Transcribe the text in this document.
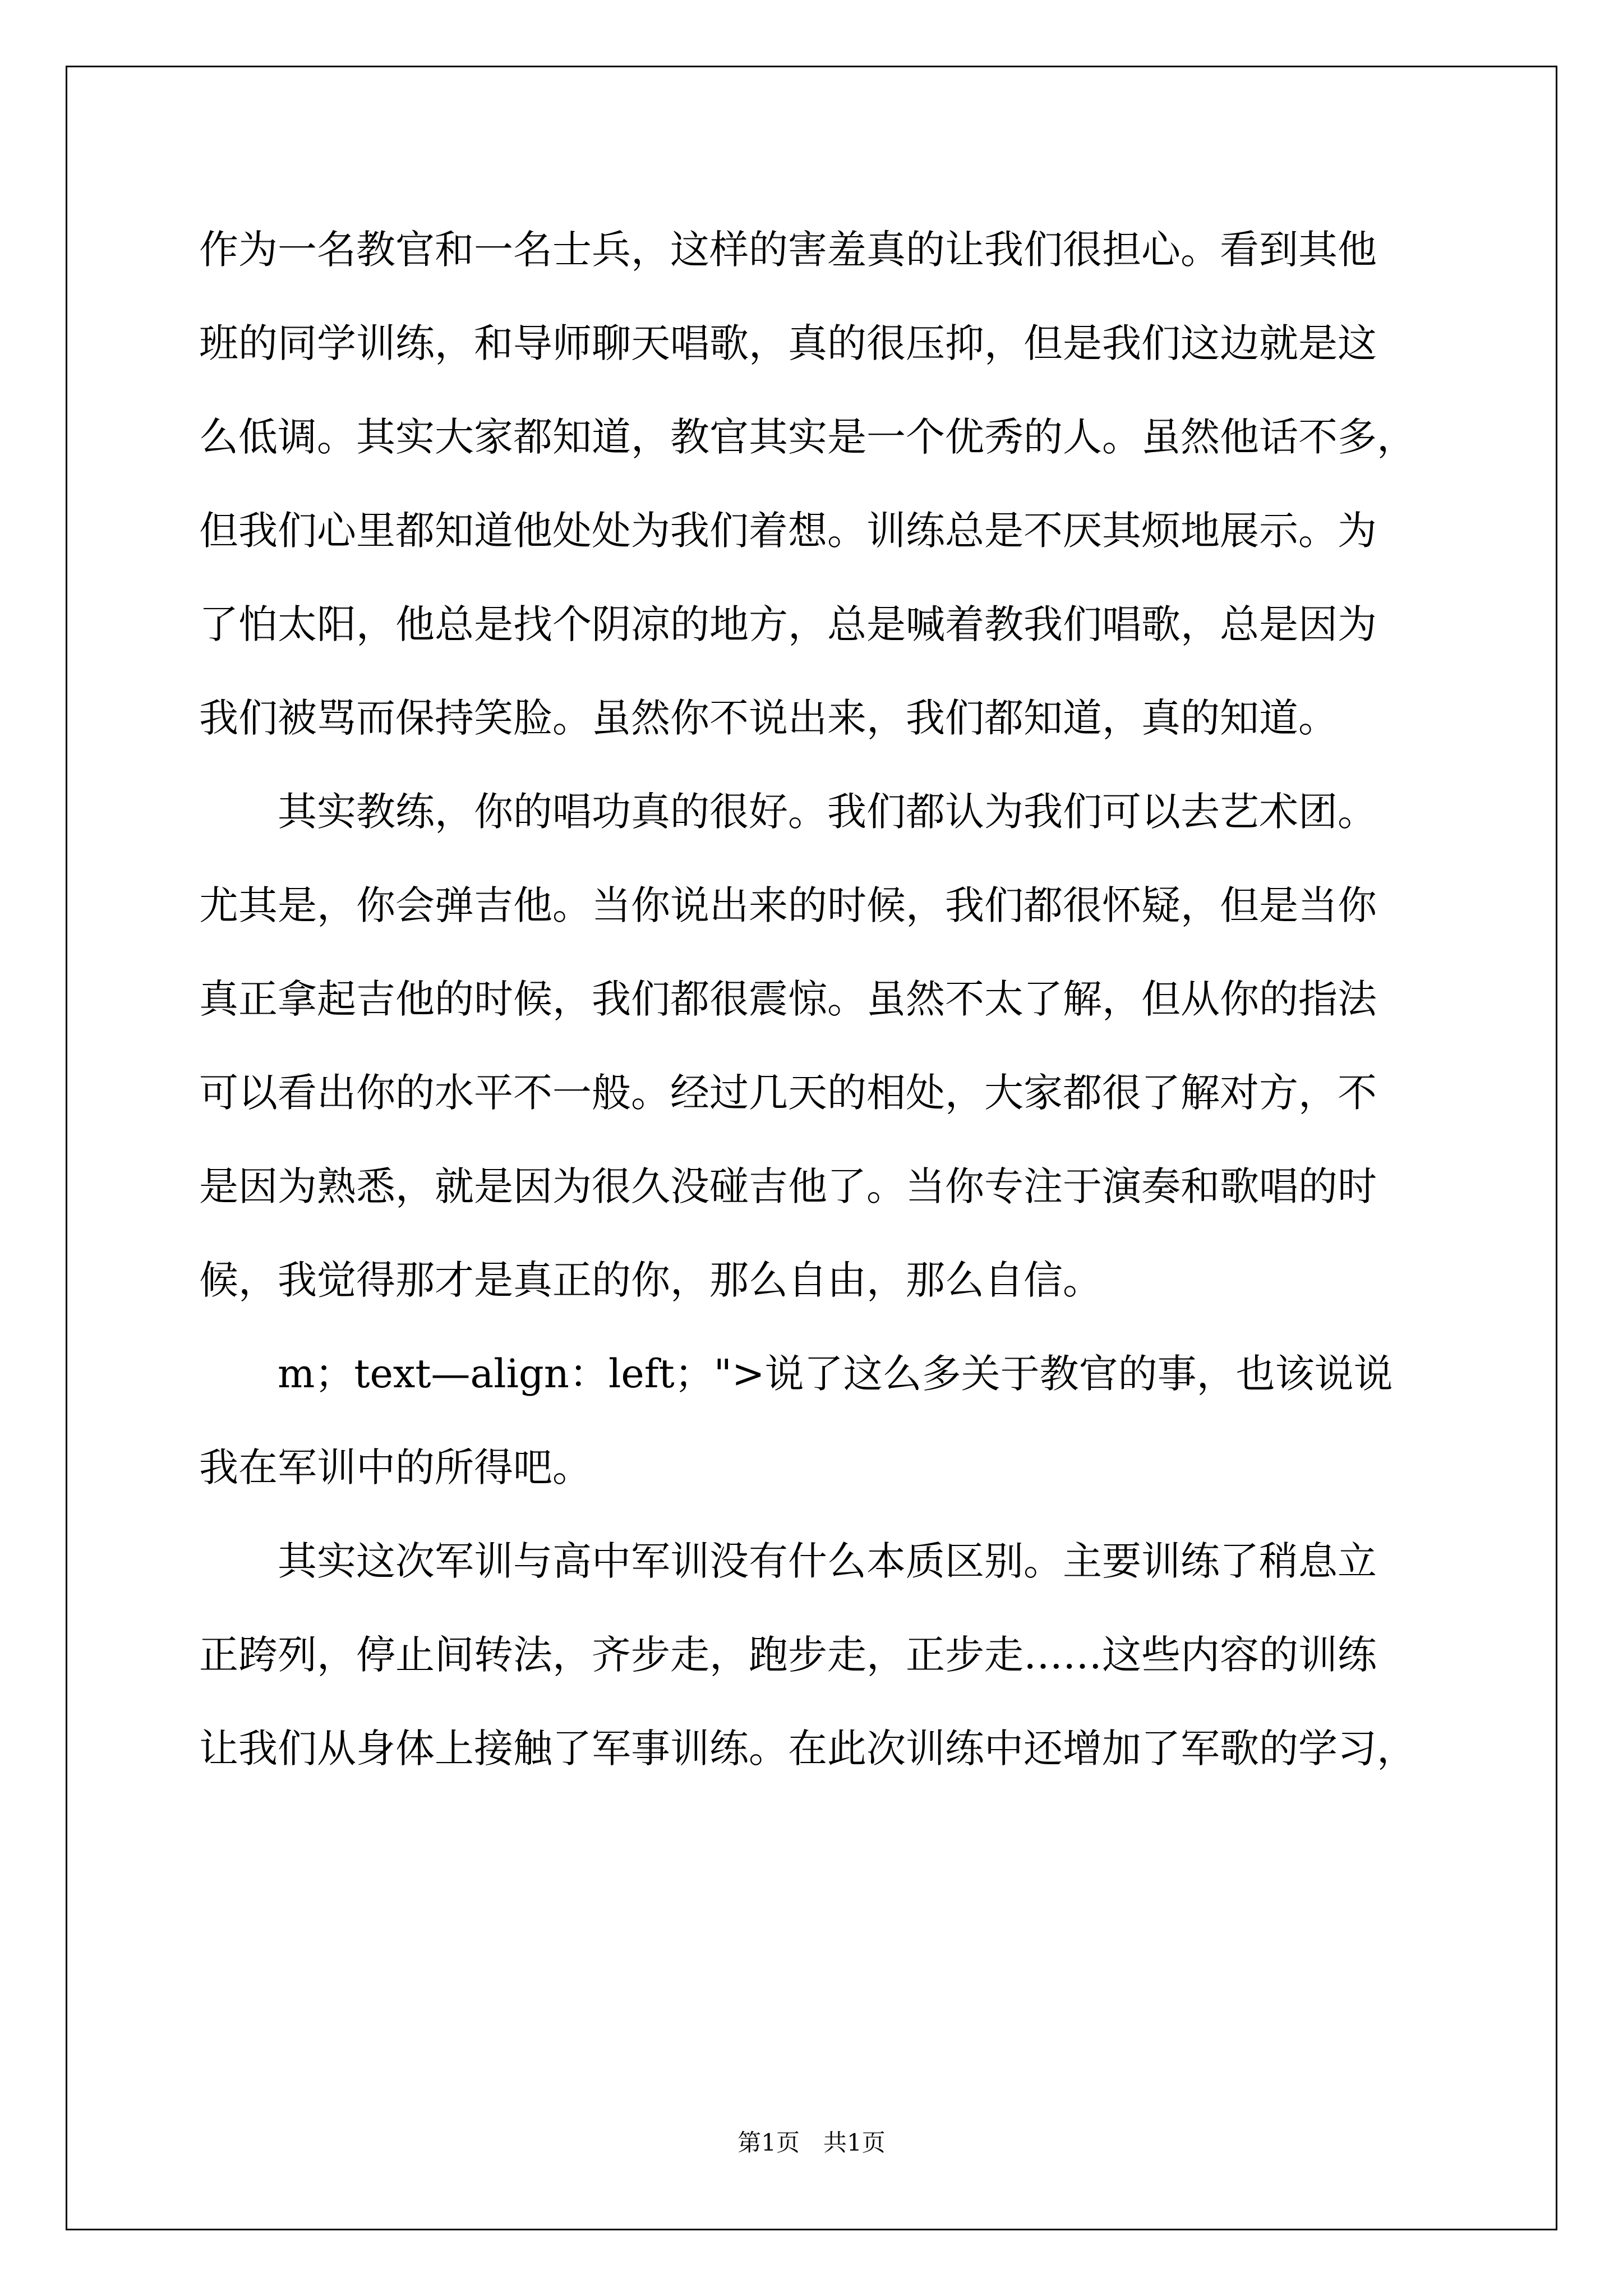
作为一名教官和一名士兵，这样的害羞真的让我们很担心。看到其他
班的同学训练，和导师聊天唱歌，真的很压抑，但是我们这边就是这
么低调。其实大家都知道，教官其实是一个优秀的人。虽然他话不多，
但我们心里都知道他处处为我们着想。训练总是不厌其烦地展示。为
了怕太阳，他总是找个阴凉的地方，总是喊着教我们唱歌，总是因为
我们被骂而保持笑脸。虽然你不说出来，我们都知道，真的知道。
　　其实教练，你的唱功真的很好。我们都认为我们可以去艺术团。
尤其是，你会弹吉他。当你说出来的时候，我们都很怀疑，但是当你
真正拿起吉他的时候，我们都很震惊。虽然不太了解，但从你的指法
可以看出你的水平不一般。经过几天的相处，大家都很了解对方，不
是因为熟悉，就是因为很久没碰吉他了。当你专注于演奏和歌唱的时
候，我觉得那才是真正的你，那么自由，那么自信。
　　m；text—align：left；">说了这么多关于教官的事，也该说说
我在军训中的所得吧。
　　其实这次军训与高中军训没有什么本质区别。主要训练了稍息立
正跨列，停止间转法，齐步走，跑步走，正步走……这些内容的训练
让我们从身体上接触了军事训练。在此次训练中还增加了军歌的学习，
第1页　共1页
